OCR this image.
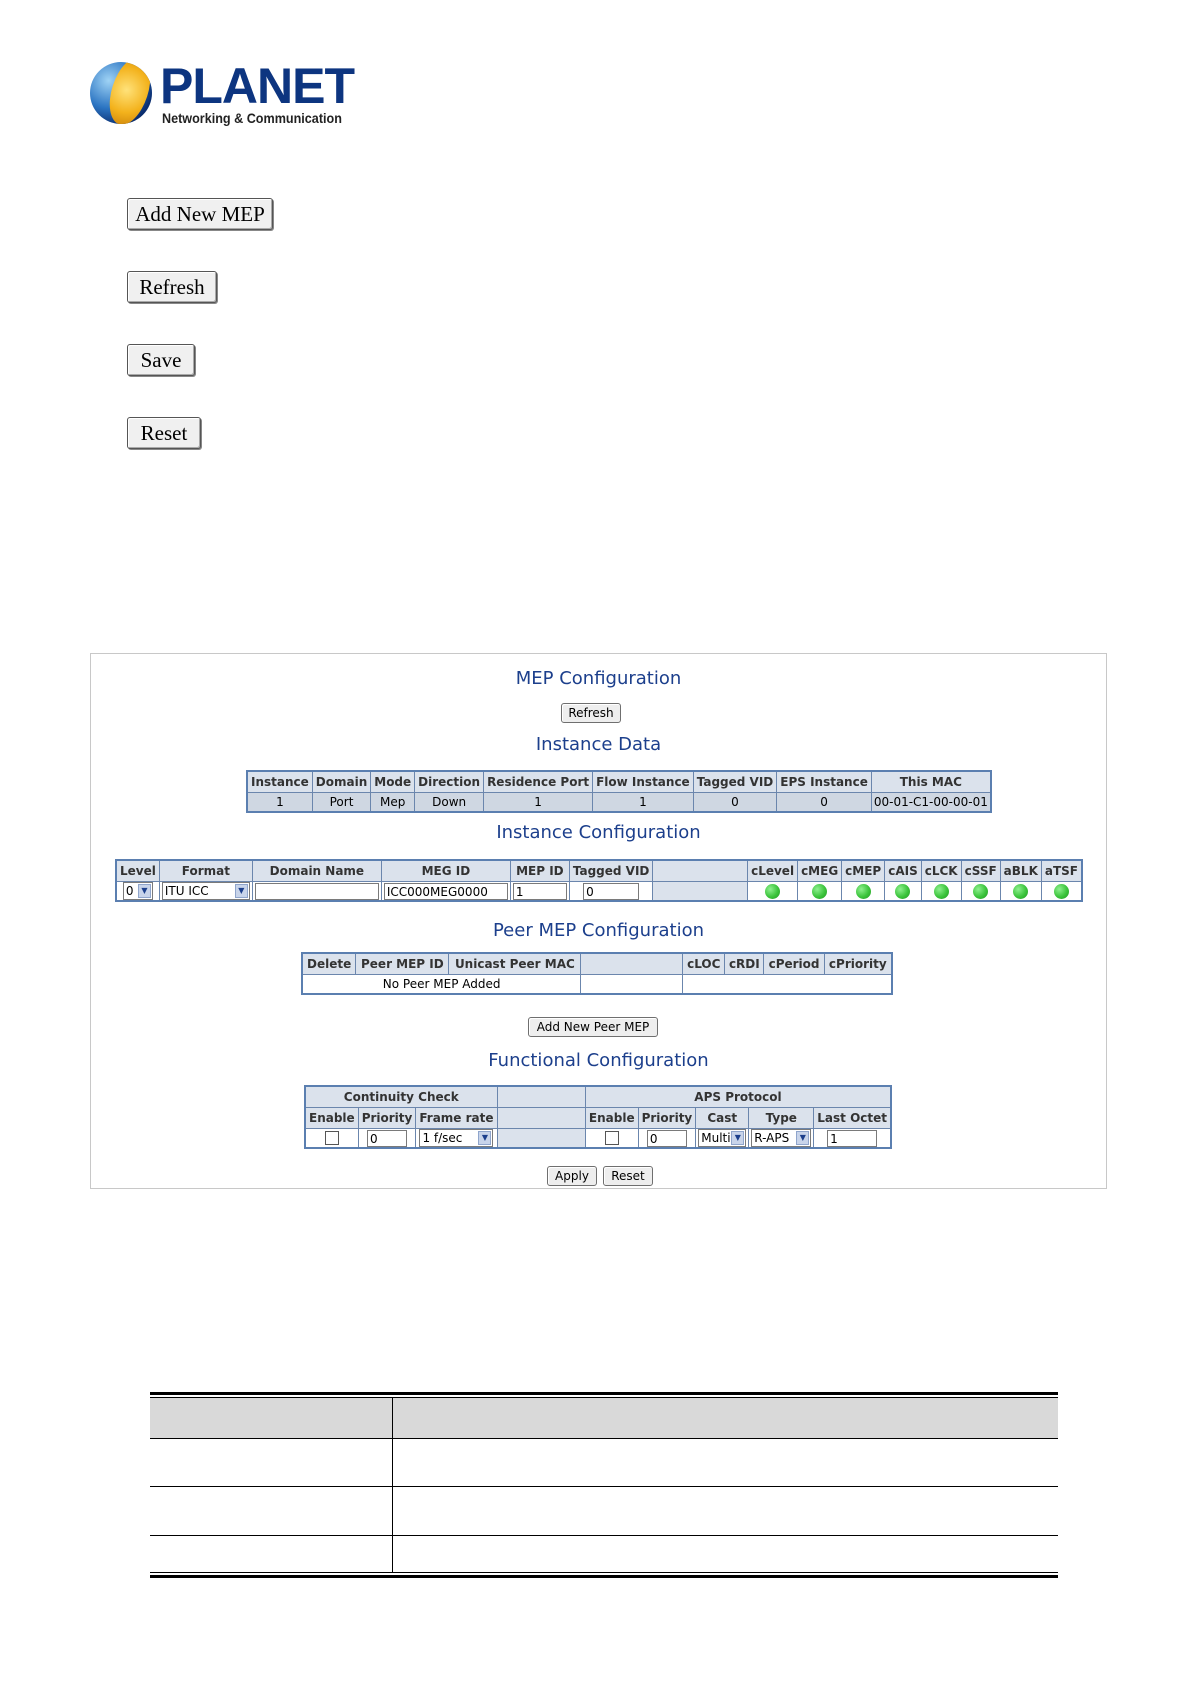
PLANET
Networking & Communication
Add New MEP
Refresh
Save
Reset
MEP Configuration
Refresh
Instance Data
Instance	Domain	Mode	Direction	Residence Port	Flow Instance	Tagged VID	EPS Instance	This MAC
1	Port	Mep	Down	1	1	0	0	00-01-C1-00-00-01
Instance Configuration
Level	Format	Domain Name	MEG ID	MEP ID	Tagged VID		cLevel	cMEG	cMEP	cAIS	cLCK	cSSF	aBLK	aTSF
0 ▼	ITU ICC ▼		ICC000MEG0000	1	0									
Peer MEP Configuration
Delete	Peer MEP ID	Unicast Peer MAC		cLOC	cRDI	cPeriod	cPriority
No Peer MEP Added							
Add New Peer MEP
Functional Configuration
Continuity Check				APS Protocol				
Enable	Priority	Frame rate		Enable	Priority	Cast	Type	Last Octet
	0	1 f/sec ▼			0	Multi ▼	R-APS ▼	1
Apply	Reset
